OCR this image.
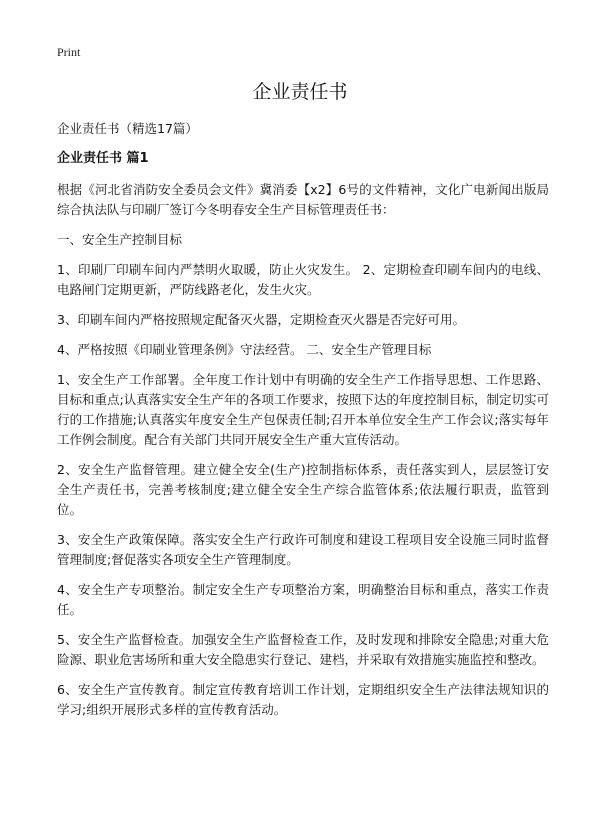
Print
企业责任书
企业责任书（精选17篇）
企业责任书 篇1

根据《河北省消防安全委员会文件》冀消委【x2】6号的文件精神，文化广电新闻出版局综合执法队与印刷厂签订今冬明春安全生产目标管理责任书：

一、安全生产控制目标

1、印刷厂印刷车间内严禁明火取暖，防止火灾发生。 2、定期检查印刷车间内的电线、电路闸门定期更新，严防线路老化，发生火灾。

3、印刷车间内严格按照规定配备灭火器，定期检查灭火器是否完好可用。

4、严格按照《印刷业管理条例》守法经营。 二、安全生产管理目标

1、安全生产工作部署。全年度工作计划中有明确的安全生产工作指导思想、工作思路、目标和重点;认真落实安全生产年的各项工作要求，按照下达的年度控制目标，制定切实可行的工作措施;认真落实年度安全生产包保责任制;召开本单位安全生产工作会议;落实每年工作例会制度。配合有关部门共同开展安全生产重大宣传活动。

2、安全生产监督管理。建立健全安全(生产)控制指标体系，责任落实到人，层层签订安全生产责任书，完善考核制度;建立健全安全生产综合监管体系;依法履行职责，监管到位。

3、安全生产政策保障。落实安全生产行政许可制度和建设工程项目安全设施三同时监督管理制度;督促落实各项安全生产管理制度。

4、安全生产专项整治。制定安全生产专项整治方案，明确整治目标和重点，落实工作责任。

5、安全生产监督检查。加强安全生产监督检查工作，及时发现和排除安全隐患;对重大危险源、职业危害场所和重大安全隐患实行登记、建档，并采取有效措施实施监控和整改。

6、安全生产宣传教育。制定宣传教育培训工作计划，定期组织安全生产法律法规知识的学习;组织开展形式多样的宣传教育活动。
